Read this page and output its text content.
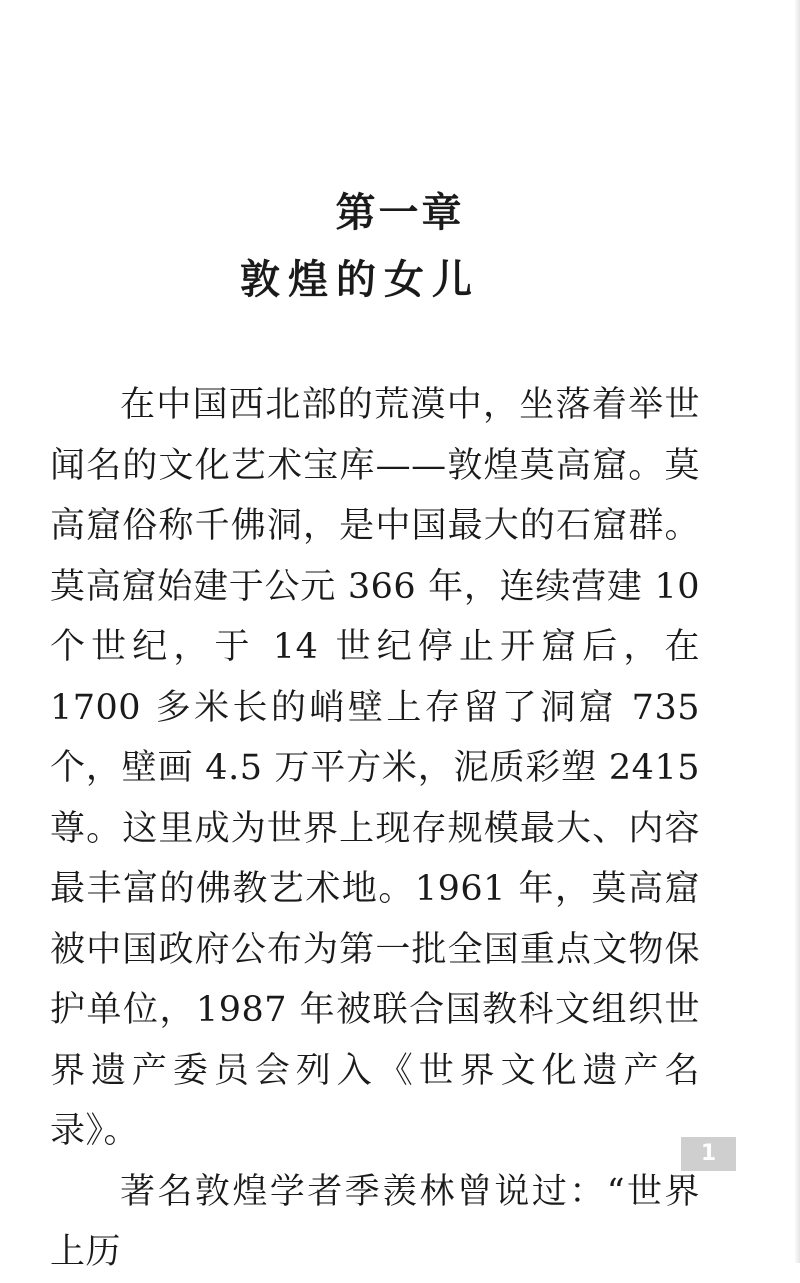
第一章
敦煌的女儿

在中国西北部的荒漠中，坐落着举世闻名的文化艺术宝库——敦煌莫高窟。莫高窟俗称千佛洞，是中国最大的石窟群。莫高窟始建于公元 366 年，连续营建 10 个世纪，于 14 世纪停止开窟后，在 1700 多米长的峭壁上存留了洞窟 735 个，壁画 4.5 万平方米，泥质彩塑 2415 尊。这里成为世界上现存规模最大、内容最丰富的佛教艺术地。1961 年，莫高窟被中国政府公布为第一批全国重点文物保护单位，1987 年被联合国教科文组织世界遗产委员会列入《世界文化遗产名录》。

著名敦煌学者季羡林曾说过：“世界上历

1
